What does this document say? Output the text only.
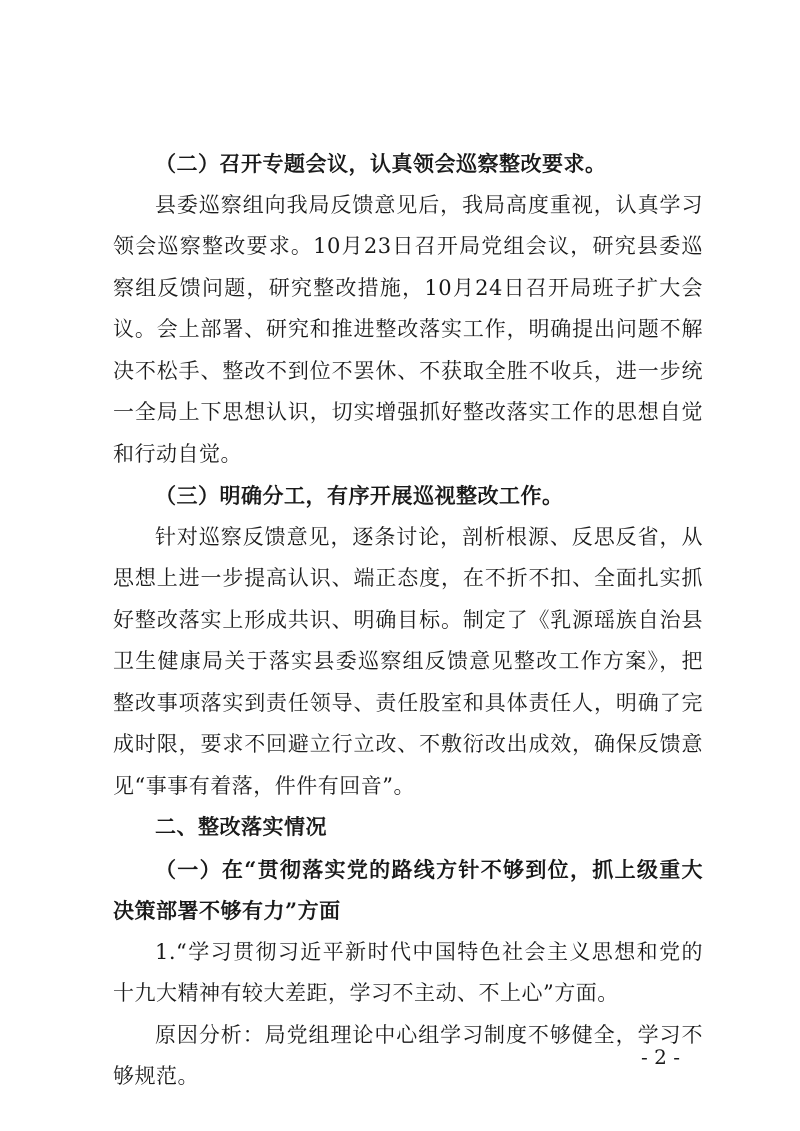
（二）召开专题会议，认真领会巡察整改要求。

县委巡察组向我局反馈意见后，我局高度重视，认真学习领会巡察整改要求。10月23日召开局党组会议，研究县委巡察组反馈问题，研究整改措施，10月24日召开局班子扩大会议。会上部署、研究和推进整改落实工作，明确提出问题不解决不松手、整改不到位不罢休、不获取全胜不收兵，进一步统一全局上下思想认识，切实增强抓好整改落实工作的思想自觉和行动自觉。

（三）明确分工，有序开展巡视整改工作。

针对巡察反馈意见，逐条讨论，剖析根源、反思反省，从思想上进一步提高认识、端正态度，在不折不扣、全面扎实抓好整改落实上形成共识、明确目标。制定了《乳源瑶族自治县卫生健康局关于落实县委巡察组反馈意见整改工作方案》，把整改事项落实到责任领导、责任股室和具体责任人，明确了完成时限，要求不回避立行立改、不敷衍改出成效，确保反馈意见“事事有着落，件件有回音”。

二、整改落实情况

（一）在“贯彻落实党的路线方针不够到位，抓上级重大决策部署不够有力”方面

1.“学习贯彻习近平新时代中国特色社会主义思想和党的十九大精神有较大差距，学习不主动、不上心”方面。

原因分析：局党组理论中心组学习制度不够健全，学习不够规范。

- 2 -
